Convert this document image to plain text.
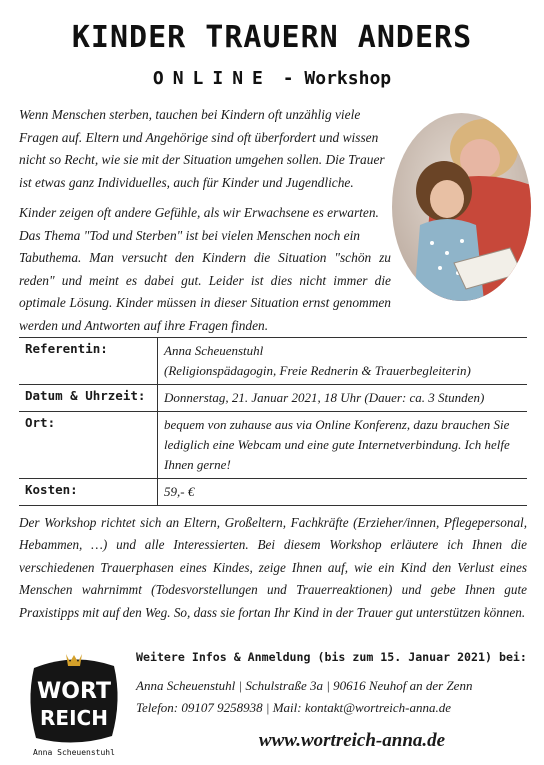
KINDER TRAUERN ANDERS
ONLINE - Workshop

Wenn Menschen sterben, tauchen bei Kindern oft unzählig viele Fragen auf. Eltern und Angehörige sind oft überfordert und wissen nicht so Recht, wie sie mit der Situation umgehen sollen. Die Trauer ist etwas ganz Individuelles, auch für Kinder und Jugendliche.

Kinder zeigen oft andere Gefühle, als wir Erwachsene es erwarten. Das Thema "Tod und Sterben" ist bei vielen Menschen noch ein

Tabuthema. Man versucht den Kindern die Situation "schön zu reden" und meint es dabei gut. Leider ist dies nicht immer die optimale Lösung. Kinder müssen in dieser Situation ernst genommen werden und Antworten auf ihre Fragen finden.

Referentin:	Anna Scheuenstuhl
(Religionspädagogin, Freie Rednerin & Trauerbegleiterin)

Datum & Uhrzeit:	Donnerstag, 21. Januar 2021, 18 Uhr (Dauer: ca. 3 Stunden)
Ort:	bequem von zuhause aus via Online Konferenz, dazu brauchen Sie lediglich eine Webcam und eine gute Internetverbindung. Ich helfe Ihnen gerne!
Kosten:	59,- €

Der Workshop richtet sich an Eltern, Großeltern, Fachkräfte (Erzieher/innen, Pflegepersonal, Hebammen, …) und alle Interessierten. Bei diesem Workshop erläutere ich Ihnen die verschiedenen Trauerphasen eines Kindes, zeige Ihnen auf, wie ein Kind den Verlust eines Menschen wahrnimmt (Todesvorstellungen und Trauerreaktionen) und gebe Ihnen gute Praxistipps mit auf den Weg. So, dass sie fortan Ihr Kind in der Trauer gut unterstützen können.

WORT
REICH
Anna Scheuenstuhl
Weitere Infos & Anmeldung (bis zum 15. Januar 2021) bei:
Anna Scheuenstuhl | Schulstraße 3a | 90616 Neuhof an der Zenn
Telefon: 09107 9258938 | Mail: kontakt@wortreich-anna.de
www.wortreich-anna.de
